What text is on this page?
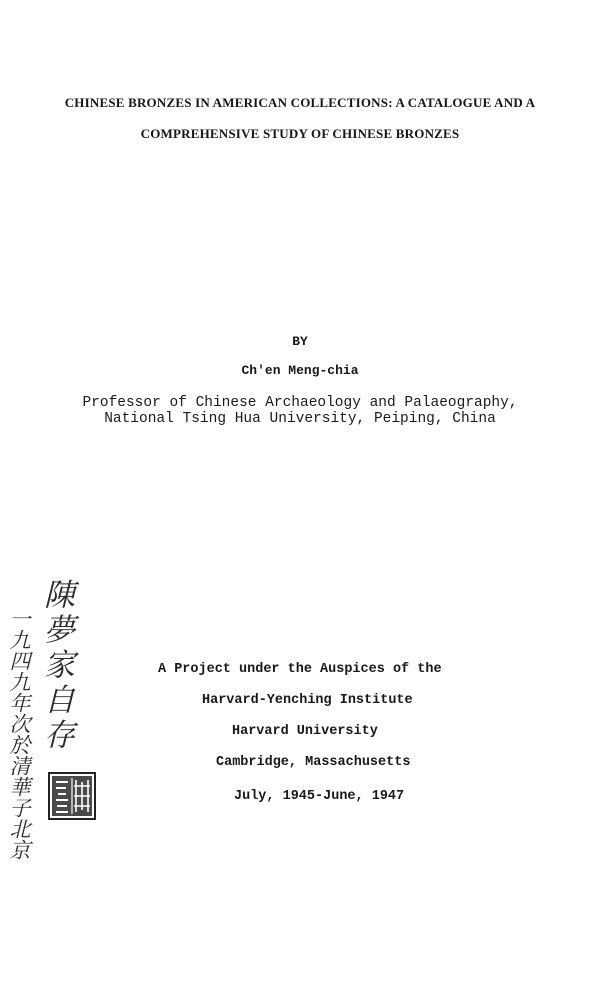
CHINESE BRONZES IN AMERICAN COLLECTIONS: A CATALOGUE AND A
COMPREHENSIVE STUDY OF CHINESE BRONZES
BY
Ch'en Meng-chia
Professor of Chinese Archaeology and Palaeography,
National Tsing Hua University, Peiping, China
A Project under the Auspices of the
Harvard-Yenching Institute
Harvard University
Cambridge, Massachusetts
July, 1945-June, 1947
陳夢家自存
一九四九年次於清華子北京
